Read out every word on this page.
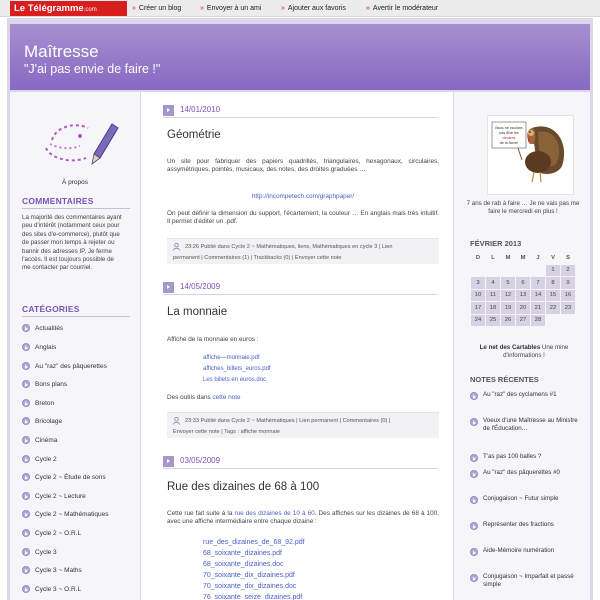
Le Télégramme.com	» Créer un blog	» Envoyer à un ami	» Ajouter aux favoris	» Avertir le modérateur
Maîtresse
"J'ai pas envie de faire !"
À propos
COMMENTAIRES
La majorité des commentaires ayant peu d'intérêt (notamment ceux pour des sites d'e-commerce), plutôt que de passer mon temps à rejeter ou bannir des adresses IP, Je ferme l'accès. Il est toujours possible de me contacter par courriel.
CATÉGORIES
Actualités
Anglais
Au "raz" des pâquerettes
Bons plans
Breton
Bricolage
Cinéma
Cycle 2
Cycle 2 ~ Étude de sons
Cycle 2 ~ Lecture
Cycle 2 ~ Mathématiques
Cycle 2 ~ O.R.L
Cycle 3
Cycle 3 ~ Maths
Cycle 3 ~ O.R.L
14/01/2010
Géométrie
Un site pour fabriquer des papiers quadrillés, triangulaires, hexagonaux, circulaires, assymétriques, pointés, musicaux, des notes, des droites graduées …
http://incompetech.com/graphpaper/
On peut définir la dimension du support, l'écartement, la couleur … En anglais mais très intuitif. Il permet d'éditer un .pdf.
23:26 Publié dans Cycle 2 ~ Mathématiques, liens, Mathématiques en cycle 3 | Lien
permanent | Commentaires (1) | Trackbacks (0) | Envoyer cette note
14/05/2009
La monnaie
Affiche de la monnaie en euros :
affiche—monnaie.pdf
affiches_billets_euros.pdf
Les billets en euros.doc
Des outils dans cette note
23:33 Publié dans Cycle 2 ~ Mathématiques | Lien permanent | Commentaires (0) |
Envoyer cette note | Tags : affiche monnaie
03/05/2009
Rue des dizaines de 68 à 100
Cette rue fait suite à la rue des dizaines de 10 à 60. Des affiches sur les dizaines de 68 à 100, avec une affiche intermédiaire entre chaque dizaine :
rue_des_dizaines_de_68_92.pdf
68_soixante_dizaines.pdf
68_soixante_dizaines.doc
70_soixante_dix_dizaines.pdf
70_soixante_dix_dizaines.doc
76_soixante_seize_dizaines.pdf
Nous ne voulons
pas être les
dindons
de la farce!
7 ans de rab à faire … Je ne vais pas me faire le mercredi en plus !
FÉVRIER 2013
D	L	M	M	J	V	S
					1	2
3	4	5	6	7	8	9
10	11	12	13	14	15	16
17	18	19	20	21	22	23
24	25	26	27	28		
Le net des Cartables Une mine d'informations !
NOTES RÉCENTES
Au "raz" des cyclamens #1
Voeux d'une Maîtresse au Ministre de l'Éducation…
T'as pas 100 balles ?
Au "raz" des pâquerettes #0
Conjugaison ~ Futur simple
Représenter des fractions
Aide-Mémoire numération
Conjugaison ~ Imparfait et passé simple
